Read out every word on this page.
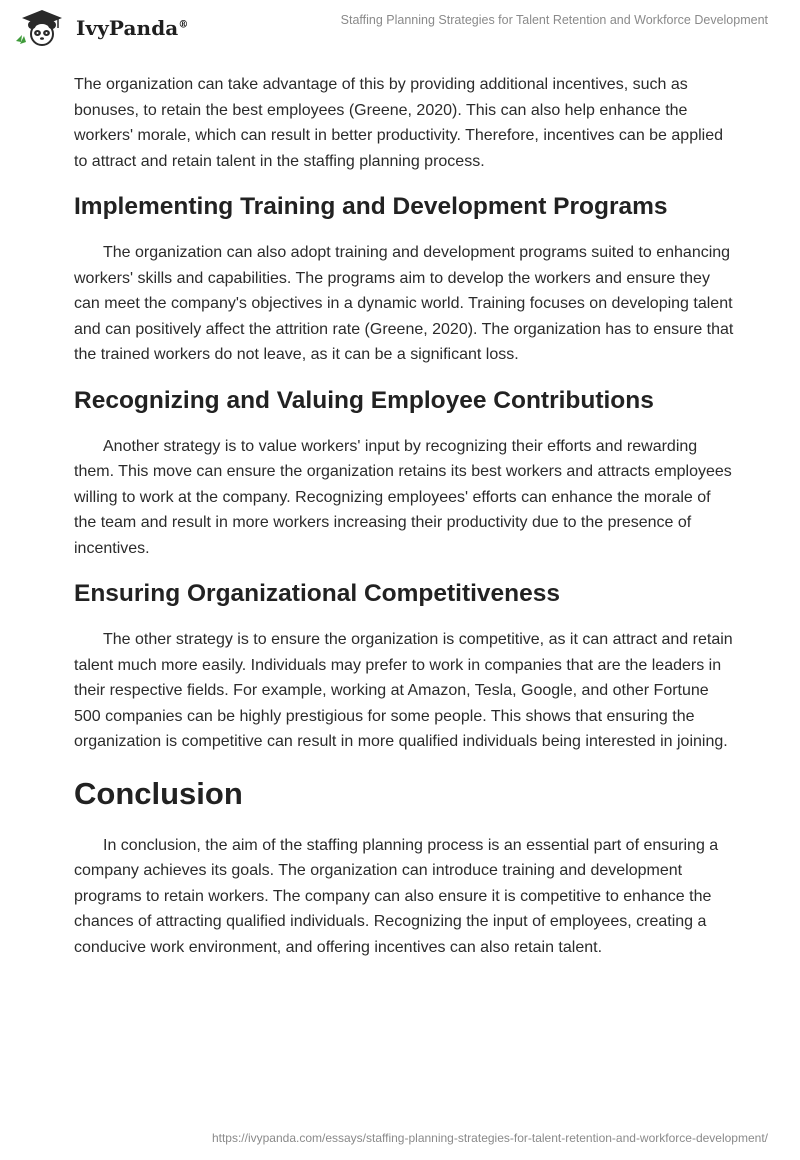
IvyPanda®	Staffing Planning Strategies for Talent Retention and Workforce Development

The organization can take advantage of this by providing additional incentives, such as bonuses, to retain the best employees (Greene, 2020). This can also help enhance the workers' morale, which can result in better productivity. Therefore, incentives can be applied to attract and retain talent in the staffing planning process.

Implementing Training and Development Programs

The organization can also adopt training and development programs suited to enhancing workers' skills and capabilities. The programs aim to develop the workers and ensure they can meet the company's objectives in a dynamic world. Training focuses on developing talent and can positively affect the attrition rate (Greene, 2020). The organization has to ensure that the trained workers do not leave, as it can be a significant loss.

Recognizing and Valuing Employee Contributions

Another strategy is to value workers' input by recognizing their efforts and rewarding them. This move can ensure the organization retains its best workers and attracts employees willing to work at the company. Recognizing employees' efforts can enhance the morale of the team and result in more workers increasing their productivity due to the presence of incentives.

Ensuring Organizational Competitiveness

The other strategy is to ensure the organization is competitive, as it can attract and retain talent much more easily. Individuals may prefer to work in companies that are the leaders in their respective fields. For example, working at Amazon, Tesla, Google, and other Fortune 500 companies can be highly prestigious for some people. This shows that ensuring the organization is competitive can result in more qualified individuals being interested in joining.

Conclusion

In conclusion, the aim of the staffing planning process is an essential part of ensuring a company achieves its goals. The organization can introduce training and development programs to retain workers. The company can also ensure it is competitive to enhance the chances of attracting qualified individuals. Recognizing the input of employees, creating a conducive work environment, and offering incentives can also retain talent.

https://ivypanda.com/essays/staffing-planning-strategies-for-talent-retention-and-workforce-development/
